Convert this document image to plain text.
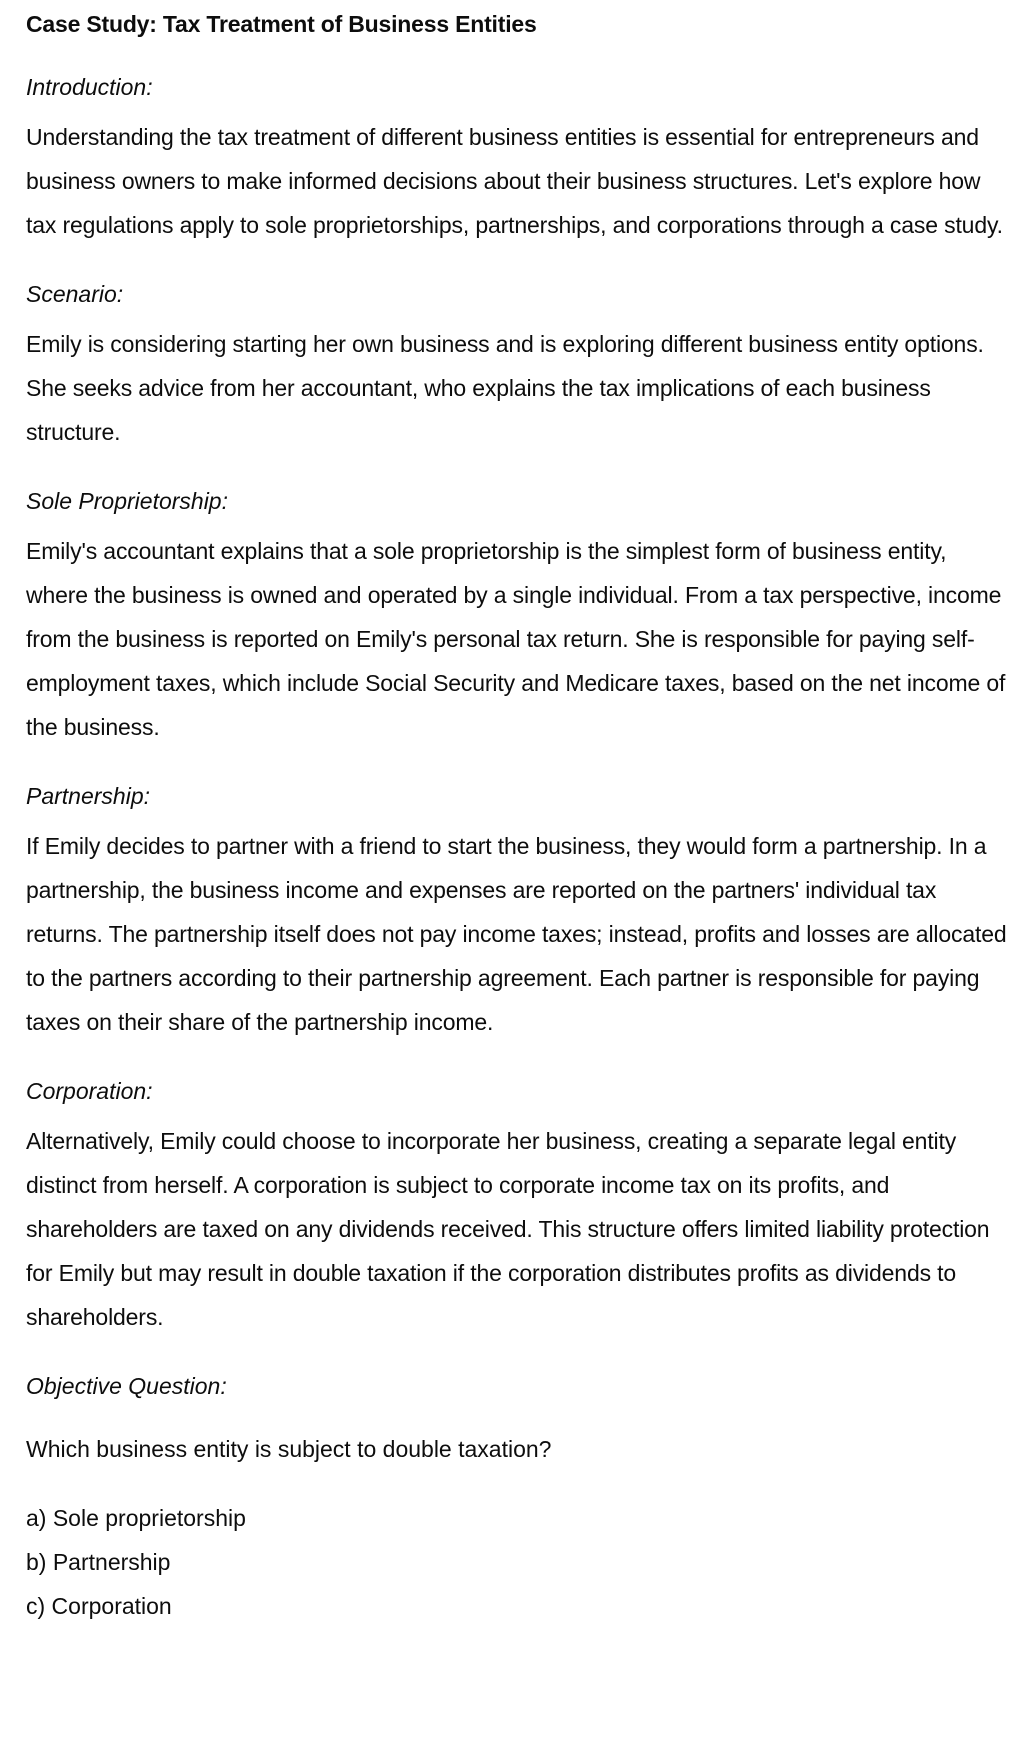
Case Study: Tax Treatment of Business Entities

Introduction:

Understanding the tax treatment of different business entities is essential for entrepreneurs and business owners to make informed decisions about their business structures. Let's explore how tax regulations apply to sole proprietorships, partnerships, and corporations through a case study.

Scenario:

Emily is considering starting her own business and is exploring different business entity options. She seeks advice from her accountant, who explains the tax implications of each business structure.

Sole Proprietorship:

Emily's accountant explains that a sole proprietorship is the simplest form of business entity, where the business is owned and operated by a single individual. From a tax perspective, income from the business is reported on Emily's personal tax return. She is responsible for paying self-employment taxes, which include Social Security and Medicare taxes, based on the net income of the business.

Partnership:

If Emily decides to partner with a friend to start the business, they would form a partnership. In a partnership, the business income and expenses are reported on the partners' individual tax returns. The partnership itself does not pay income taxes; instead, profits and losses are allocated to the partners according to their partnership agreement. Each partner is responsible for paying taxes on their share of the partnership income.

Corporation:

Alternatively, Emily could choose to incorporate her business, creating a separate legal entity distinct from herself. A corporation is subject to corporate income tax on its profits, and shareholders are taxed on any dividends received. This structure offers limited liability protection for Emily but may result in double taxation if the corporation distributes profits as dividends to shareholders.

Objective Question:

Which business entity is subject to double taxation?

a) Sole proprietorship
b) Partnership
c) Corporation
